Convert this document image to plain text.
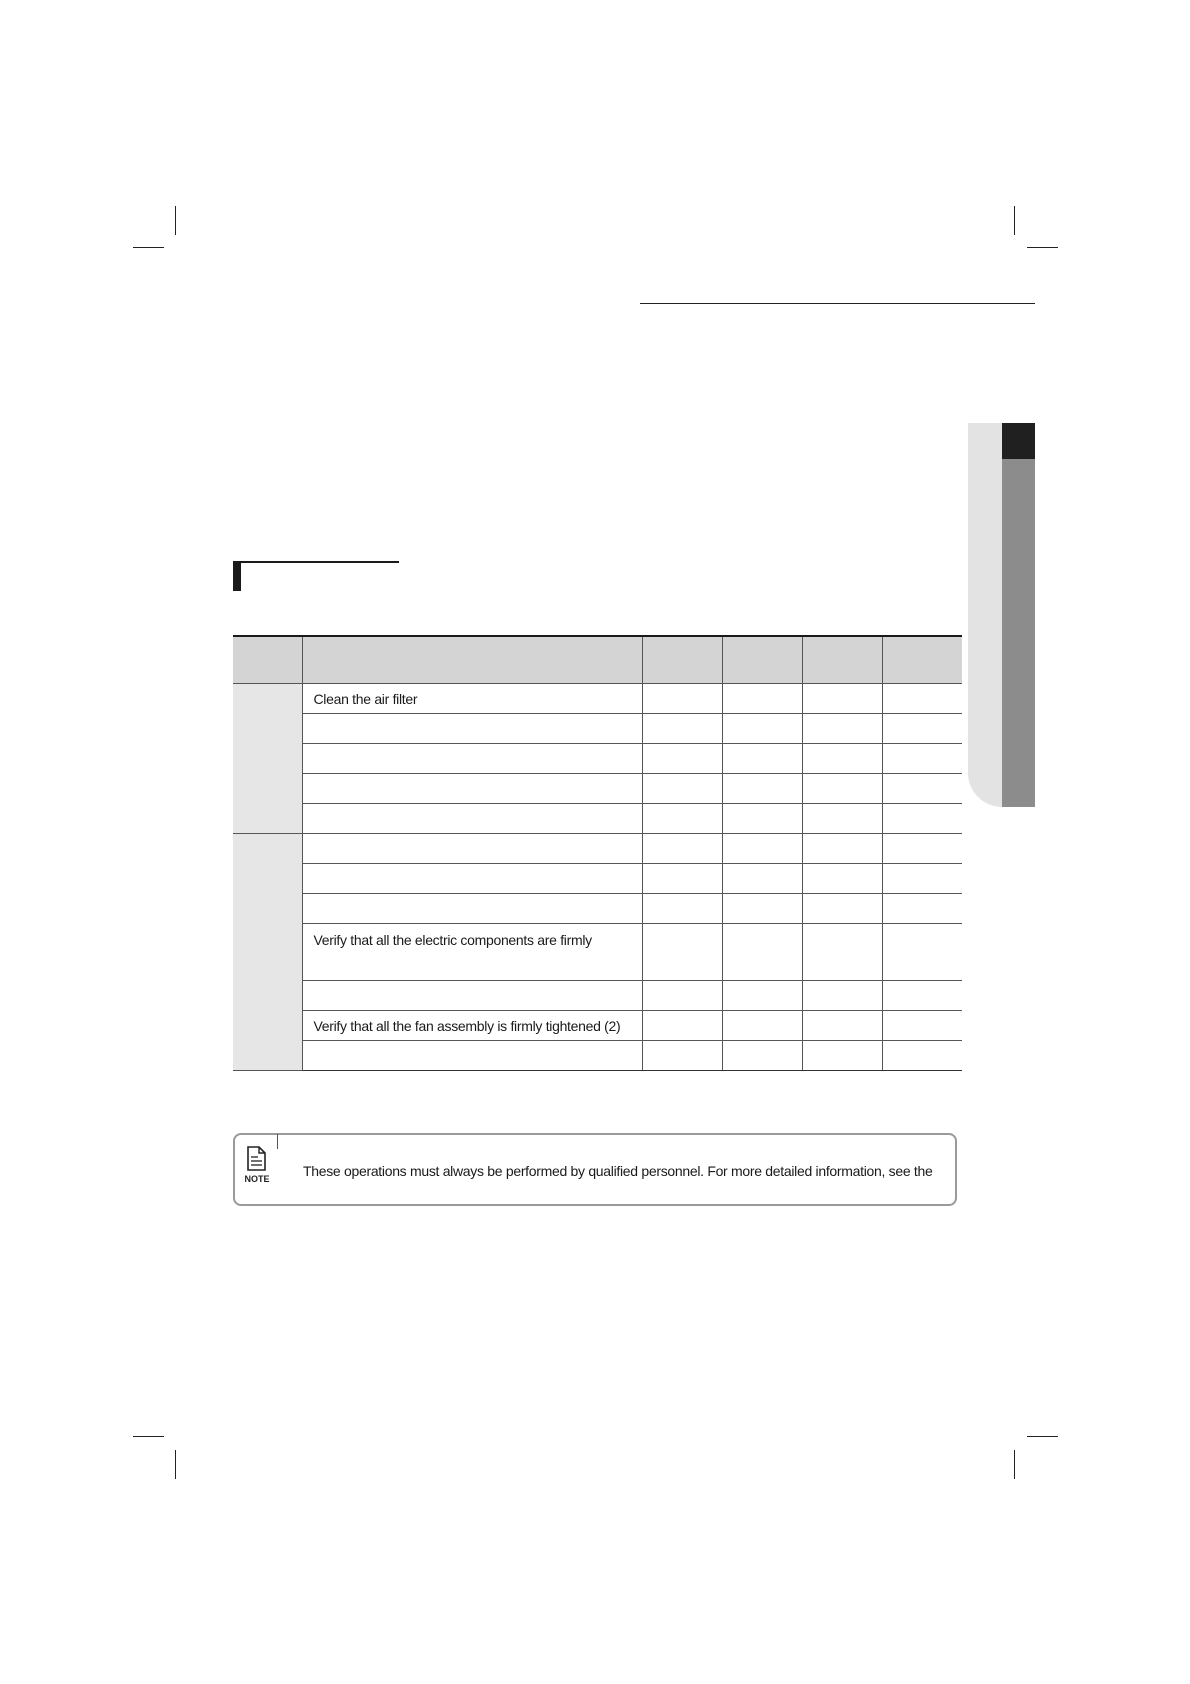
	Clean the air filter				

	Verify that all the electric components are firmly				

	Verify that all the fan assembly is firmly tightened (2)				

NOTE These operations must always be performed by qualified personnel. For more detailed information, see the
